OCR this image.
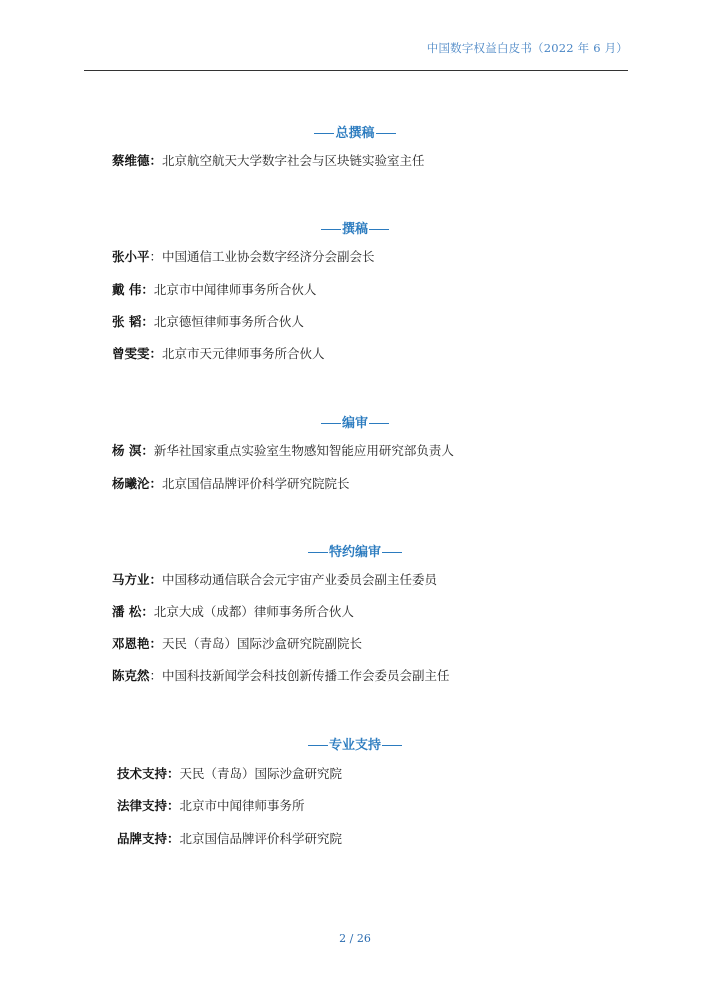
中国数字权益白皮书（2022 年 6 月）
总撰稿
蔡维德：北京航空航天大学数字社会与区块链实验室主任
撰稿
张小平：中国通信工业协会数字经济分会副会长
戴 伟：北京市中闻律师事务所合伙人
张 韬：北京德恒律师事务所合伙人
曾雯雯：北京市天元律师事务所合伙人
编审
杨 溟：新华社国家重点实验室生物感知智能应用研究部负责人
杨曦沦：北京国信品牌评价科学研究院院长
特约编审
马方业：中国移动通信联合会元宇宙产业委员会副主任委员
潘 松：北京大成（成都）律师事务所合伙人
邓恩艳：天民（青岛）国际沙盒研究院副院长
陈克然：中国科技新闻学会科技创新传播工作会委员会副主任
专业支持
技术支持：天民（青岛）国际沙盒研究院
法律支持：北京市中闻律师事务所
品牌支持：北京国信品牌评价科学研究院
2 / 26
